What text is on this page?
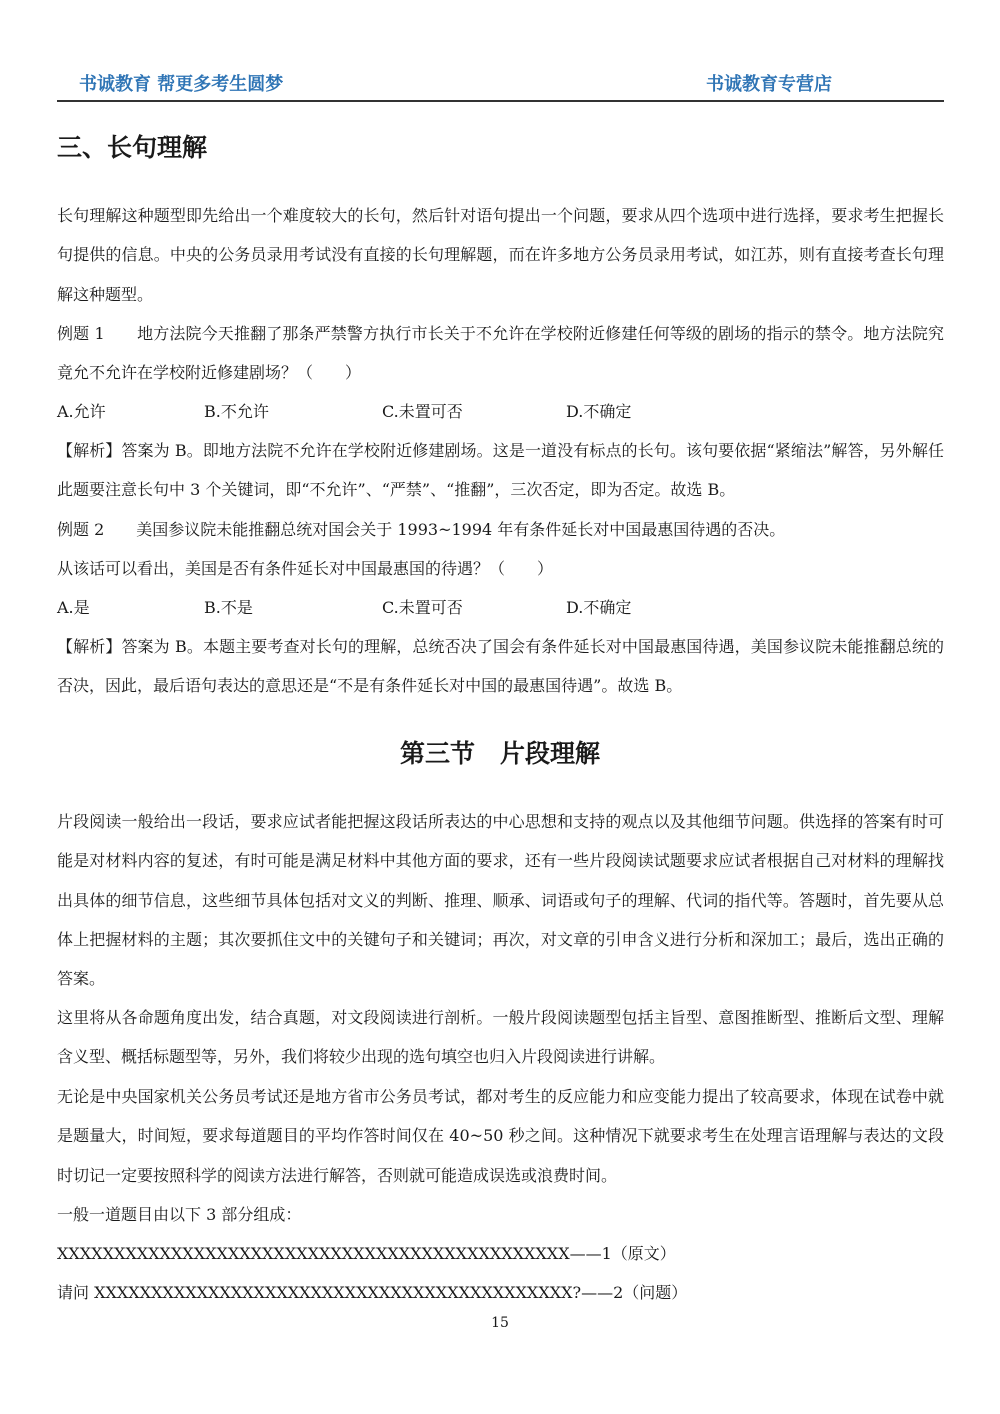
书诚教育 帮更多考生圆梦	书诚教育专营店
三、长句理解

长句理解这种题型即先给出一个难度较大的长句，然后针对语句提出一个问题，要求从四个选项中进行选择，要求考生把握长句提供的信息。中央的公务员录用考试没有直接的长句理解题，而在许多地方公务员录用考试，如江苏，则有直接考查长句理解这种题型。

例题 1　　地方法院今天推翻了那条严禁警方执行市长关于不允许在学校附近修建任何等级的剧场的指示的禁令。地方法院究竟允不允许在学校附近修建剧场？（　　）

A.允许	B.不允许	C.未置可否	D.不确定

【解析】答案为 B。即地方法院不允许在学校附近修建剧场。这是一道没有标点的长句。该句要依据“紧缩法”解答，另外解任此题要注意长句中 3 个关键词，即“不允许”、“严禁”、“推翻”，三次否定，即为否定。故选 B。

例题 2　　美国参议院未能推翻总统对国会关于 1993~1994 年有条件延长对中国最惠国待遇的否决。

从该话可以看出，美国是否有条件延长对中国最惠国的待遇？（　　）

A.是	B.不是	C.未置可否	D.不确定

【解析】答案为 B。本题主要考查对长句的理解，总统否决了国会有条件延长对中国最惠国待遇，美国参议院未能推翻总统的否决，因此，最后语句表达的意思还是“不是有条件延长对中国的最惠国待遇”。故选 B。

第三节　片段理解

片段阅读一般给出一段话，要求应试者能把握这段话所表达的中心思想和支持的观点以及其他细节问题。供选择的答案有时可能是对材料内容的复述，有时可能是满足材料中其他方面的要求，还有一些片段阅读试题要求应试者根据自己对材料的理解找出具体的细节信息，这些细节具体包括对文义的判断、推理、顺承、词语或句子的理解、代词的指代等。答题时，首先要从总体上把握材料的主题；其次要抓住文中的关键句子和关键词；再次，对文章的引申含义进行分析和深加工；最后，选出正确的答案。

这里将从各命题角度出发，结合真题，对文段阅读进行剖析。一般片段阅读题型包括主旨型、意图推断型、推断后文型、理解含义型、概括标题型等，另外，我们将较少出现的选句填空也归入片段阅读进行讲解。

无论是中央国家机关公务员考试还是地方省市公务员考试，都对考生的反应能力和应变能力提出了较高要求，体现在试卷中就是题量大，时间短，要求每道题目的平均作答时间仅在 40~50 秒之间。这种情况下就要求考生在处理言语理解与表达的文段时切记一定要按照科学的阅读方法进行解答，否则就可能造成误选或浪费时间。

一般一道题目由以下 3 部分组成：

XXXXXXXXXXXXXXXXXXXXXXXXXXXXXXXXXXXXXXXXXXXXX——1（原文）

请问 XXXXXXXXXXXXXXXXXXXXXXXXXXXXXXXXXXXXXXXXXX?——2（问题）

15
